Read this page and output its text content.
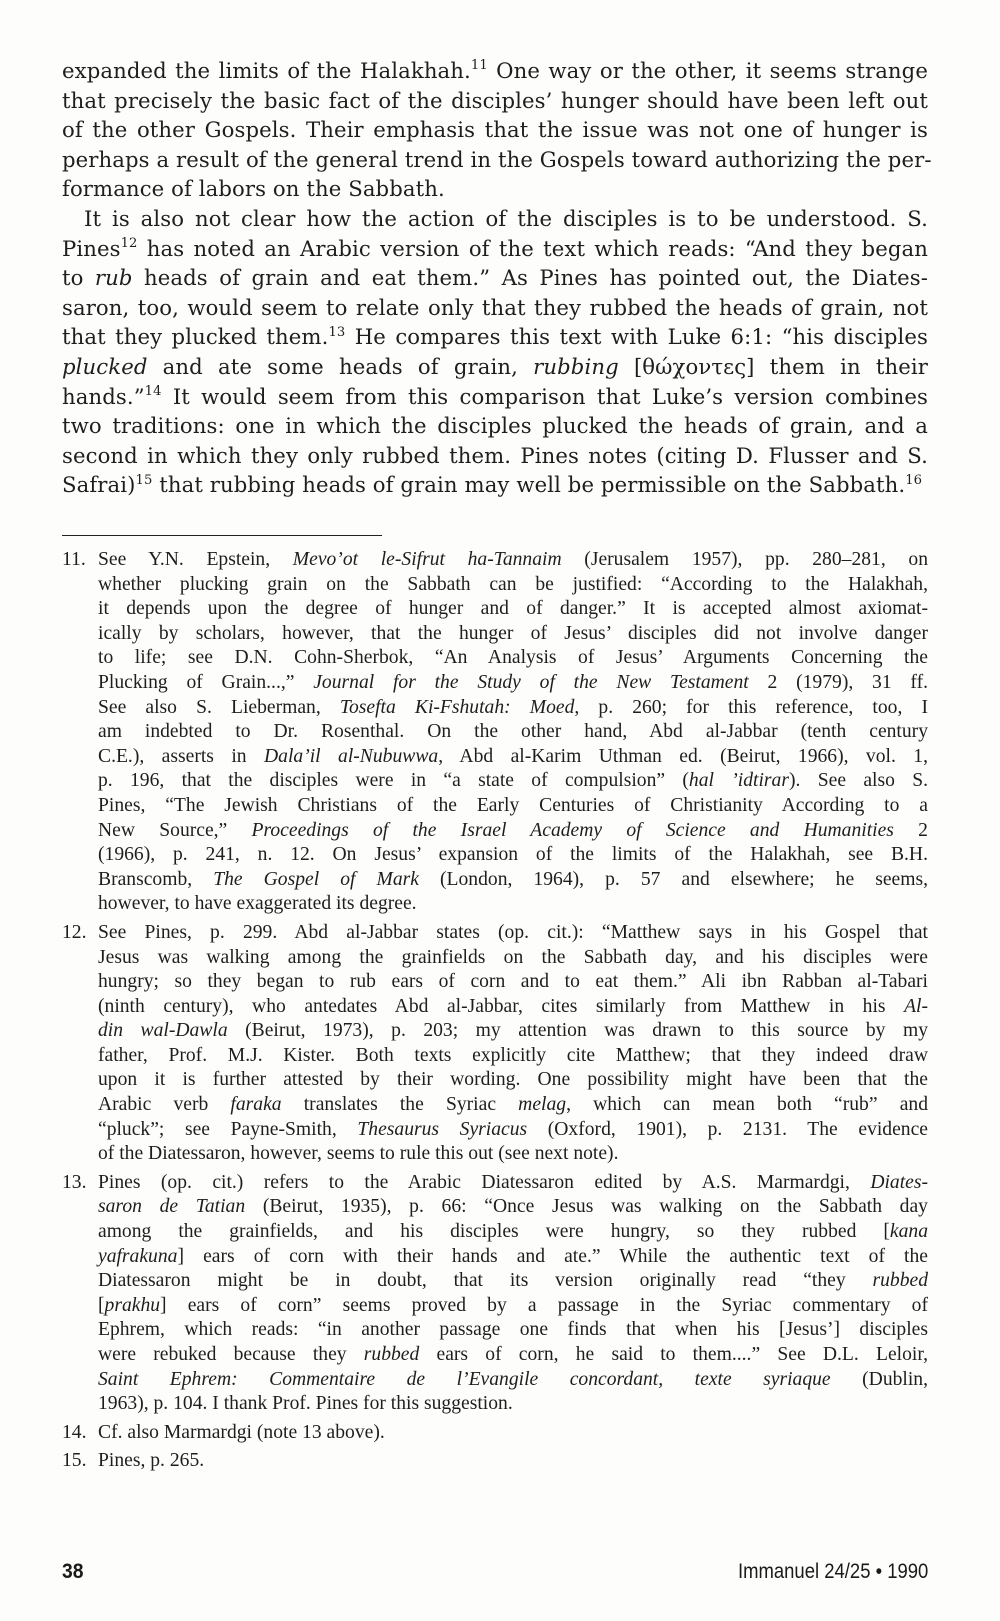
expanded the limits of the Halakhah.$^{11}$ One way or the other, it seems strange
that precisely the basic fact of the disciples’ hunger should have been left out
of the other Gospels. Their emphasis that the issue was not one of hunger is
perhaps a result of the general trend in the Gospels toward authorizing the per-
formance of labors on the Sabbath.
It is also not clear how the action of the disciples is to be understood. S.
Pines$^{12}$ has noted an Arabic version of the text which reads: “And they began
to rub heads of grain and eat them.” As Pines has pointed out, the Diates-
saron, too, would seem to relate only that they rubbed the heads of grain, not
that they plucked them.$^{13}$ He compares this text with Luke 6:1: “his disciples
plucked and ate some heads of grain, rubbing [θώχοντες] them in their
hands.”$^{14}$ It would seem from this comparison that Luke’s version combines
two traditions: one in which the disciples plucked the heads of grain, and a
second in which they only rubbed them. Pines notes (citing D. Flusser and S.
Safrai)$^{15}$ that rubbing heads of grain may well be permissible on the Sabbath.$^{16}$
11. See Y.N. Epstein, Mevo’ot le-Sifrut ha-Tannaim (Jerusalem 1957), pp. 280–281, on
whether plucking grain on the Sabbath can be justified: “According to the Halakhah,
it depends upon the degree of hunger and of danger.” It is accepted almost axiomat-
ically by scholars, however, that the hunger of Jesus’ disciples did not involve danger
to life; see D.N. Cohn-Sherbok, “An Analysis of Jesus’ Arguments Concerning the
Plucking of Grain...,” Journal for the Study of the New Testament 2 (1979), 31 ff.
See also S. Lieberman, Tosefta Ki-Fshutah: Moed, p. 260; for this reference, too, I
am indebted to Dr. Rosenthal. On the other hand, Abd al-Jabbar (tenth century
C.E.), asserts in Dala’il al-Nubuwwa, Abd al-Karim Uthman ed. (Beirut, 1966), vol. 1,
p. 196, that the disciples were in “a state of compulsion” (hal ’idtirar). See also S.
Pines, “The Jewish Christians of the Early Centuries of Christianity According to a
New Source,” Proceedings of the Israel Academy of Science and Humanities 2
(1966), p. 241, n. 12. On Jesus’ expansion of the limits of the Halakhah, see B.H.
Branscomb, The Gospel of Mark (London, 1964), p. 57 and elsewhere; he seems,
however, to have exaggerated its degree.
12. See Pines, p. 299. Abd al-Jabbar states (op. cit.): “Matthew says in his Gospel that
Jesus was walking among the grainfields on the Sabbath day, and his disciples were
hungry; so they began to rub ears of corn and to eat them.” Ali ibn Rabban al-Tabari
(ninth century), who antedates Abd al-Jabbar, cites similarly from Matthew in his Al-
din wal-Dawla (Beirut, 1973), p. 203; my attention was drawn to this source by my
father, Prof. M.J. Kister. Both texts explicitly cite Matthew; that they indeed draw
upon it is further attested by their wording. One possibility might have been that the
Arabic verb faraka translates the Syriac melag, which can mean both “rub” and
“pluck”; see Payne-Smith, Thesaurus Syriacus (Oxford, 1901), p. 2131. The evidence
of the Diatessaron, however, seems to rule this out (see next note).
13. Pines (op. cit.) refers to the Arabic Diatessaron edited by A.S. Marmardgi, Diates-
saron de Tatian (Beirut, 1935), p. 66: “Once Jesus was walking on the Sabbath day
among the grainfields, and his disciples were hungry, so they rubbed [kana
yafrakuna] ears of corn with their hands and ate.” While the authentic text of the
Diatessaron might be in doubt, that its version originally read “they rubbed
[prakhu] ears of corn” seems proved by a passage in the Syriac commentary of
Ephrem, which reads: “in another passage one finds that when his [Jesus’] disciples
were rebuked because they rubbed ears of corn, he said to them....” See D.L. Leloir,
Saint Ephrem: Commentaire de l’Evangile concordant, texte syriaque (Dublin,
1963), p. 104. I thank Prof. Pines for this suggestion.
14. Cf. also Marmardgi (note 13 above).
15. Pines, p. 265.
38	Immanuel 24/25 • 1990
